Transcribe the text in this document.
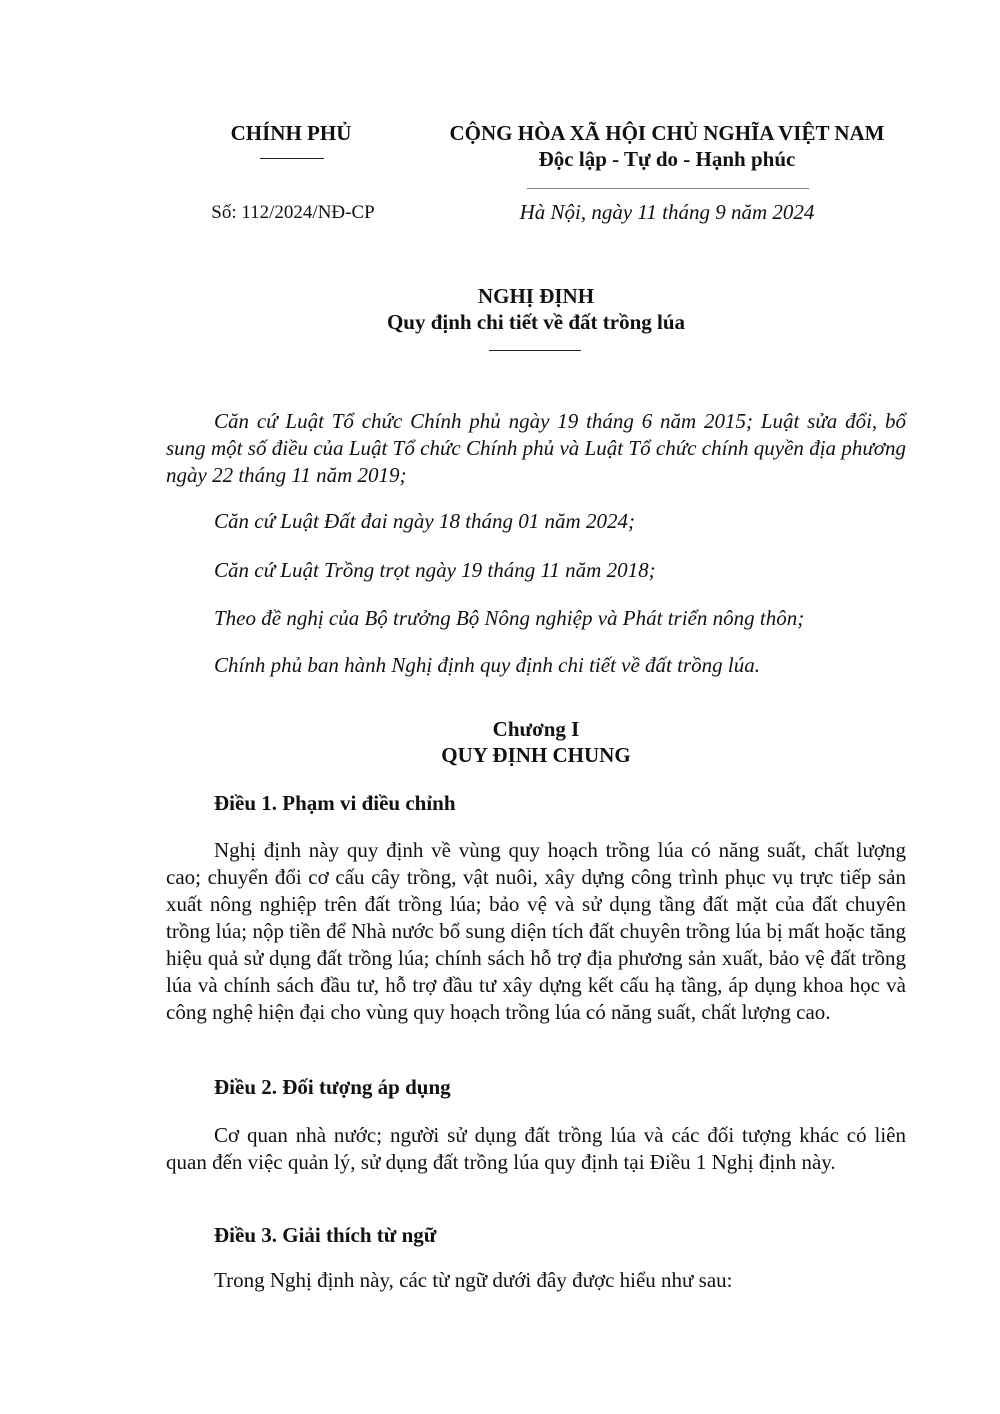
CHÍNH PHỦ	CỘNG HÒA XÃ HỘI CHỦ NGHĨA VIỆT NAM
Độc lập - Tự do - Hạnh phúc
Số: 112/2024/NĐ-CP	Hà Nội, ngày 11 tháng 9 năm 2024
NGHỊ ĐỊNH
Quy định chi tiết về đất trồng lúa
Căn cứ Luật Tổ chức Chính phủ ngày 19 tháng 6 năm 2015; Luật sửa đổi, bổ sung một số điều của Luật Tổ chức Chính phủ và Luật Tổ chức chính quyền địa phương ngày 22 tháng 11 năm 2019;
Căn cứ Luật Đất đai ngày 18 tháng 01 năm 2024;
Căn cứ Luật Trồng trọt ngày 19 tháng 11 năm 2018;
Theo đề nghị của Bộ trưởng Bộ Nông nghiệp và Phát triển nông thôn;
Chính phủ ban hành Nghị định quy định chi tiết về đất trồng lúa.
Chương I
QUY ĐỊNH CHUNG
Điều 1. Phạm vi điều chỉnh
Nghị định này quy định về vùng quy hoạch trồng lúa có năng suất, chất lượng cao; chuyển đổi cơ cấu cây trồng, vật nuôi, xây dựng công trình phục vụ trực tiếp sản xuất nông nghiệp trên đất trồng lúa; bảo vệ và sử dụng tầng đất mặt của đất chuyên trồng lúa; nộp tiền để Nhà nước bổ sung diện tích đất chuyên trồng lúa bị mất hoặc tăng hiệu quả sử dụng đất trồng lúa; chính sách hỗ trợ địa phương sản xuất, bảo vệ đất trồng lúa và chính sách đầu tư, hỗ trợ đầu tư xây dựng kết cấu hạ tầng, áp dụng khoa học và công nghệ hiện đại cho vùng quy hoạch trồng lúa có năng suất, chất lượng cao.
Điều 2. Đối tượng áp dụng
Cơ quan nhà nước; người sử dụng đất trồng lúa và các đối tượng khác có liên quan đến việc quản lý, sử dụng đất trồng lúa quy định tại Điều 1 Nghị định này.
Điều 3. Giải thích từ ngữ
Trong Nghị định này, các từ ngữ dưới đây được hiểu như sau:
